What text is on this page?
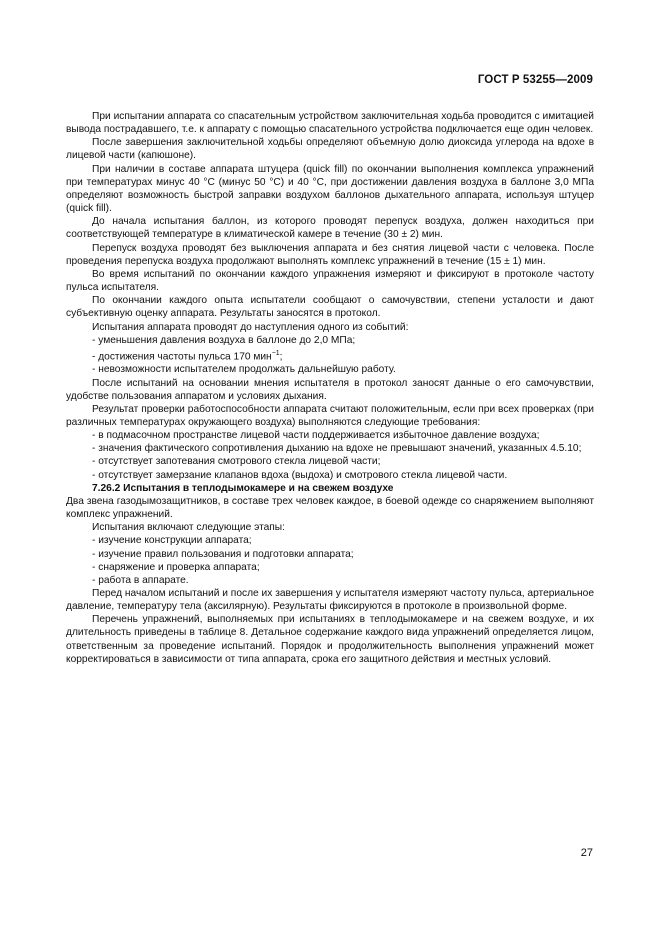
ГОСТ Р 53255—2009

При испытании аппарата со спасательным устройством заключительная ходьба проводится с имитацией вывода пострадавшего, т.е. к аппарату с помощью спасательного устройства подключается еще один человек.

После завершения заключительной ходьбы определяют объемную долю диоксида углерода на вдохе в лицевой части (капюшоне).

При наличии в составе аппарата штуцера (quick fill) по окончании выполнения комплекса упражнений при температурах минус 40 °С (минус 50 °С) и 40 °С, при достижении давления воздуха в баллоне 3,0 МПа определяют возможность быстрой заправки воздухом баллонов дыхательного аппарата, используя штуцер (quick fill).

До начала испытания баллон, из которого проводят перепуск воздуха, должен находиться при соответствующей температуре в климатической камере в течение (30 ± 2) мин.

Перепуск воздуха проводят без выключения аппарата и без снятия лицевой части с человека. После проведения перепуска воздуха продолжают выполнять комплекс упражнений в течение (15 ± 1) мин.

Во время испытаний по окончании каждого упражнения измеряют и фиксируют в протоколе частоту пульса испытателя.

По окончании каждого опыта испытатели сообщают о самочувствии, степени усталости и дают субъективную оценку аппарата. Результаты заносятся в протокол.

Испытания аппарата проводят до наступления одного из событий:

- уменьшения давления воздуха в баллоне до 2,0 МПа;

- достижения частоты пульса 170 мин$^{-1}$;

- невозможности испытателем продолжать дальнейшую работу.

После испытаний на основании мнения испытателя в протокол заносят данные о его самочувствии, удобстве пользования аппаратом и условиях дыхания.

Результат проверки работоспособности аппарата считают положительным, если при всех проверках (при различных температурах окружающего воздуха) выполняются следующие требования:

- в подмасочном пространстве лицевой части поддерживается избыточное давление воздуха;

- значения фактического сопротивления дыханию на вдохе не превышают значений, указанных 4.5.10;

- отсутствует запотевания смотрового стекла лицевой части;

- отсутствует замерзание клапанов вдоха (выдоха) и смотрового стекла лицевой части.

7.26.2 Испытания в теплодымокамере и на свежем воздухе

Два звена газодымозащитников, в составе трех человек каждое, в боевой одежде со снаряжением выполняют комплекс упражнений.

Испытания включают следующие этапы:

- изучение конструкции аппарата;

- изучение правил пользования и подготовки аппарата;

- снаряжение и проверка аппарата;

- работа в аппарате.

Перед началом испытаний и после их завершения у испытателя измеряют частоту пульса, артериальное давление, температуру тела (аксилярную). Результаты фиксируются в протоколе в произвольной форме.

Перечень упражнений, выполняемых при испытаниях в теплодымокамере и на свежем воздухе, и их длительность приведены в таблице 8. Детальное содержание каждого вида упражнений определяется лицом, ответственным за проведение испытаний. Порядок и продолжительность выполнения упражнений может корректироваться в зависимости от типа аппарата, срока его защитного действия и местных условий.

27
